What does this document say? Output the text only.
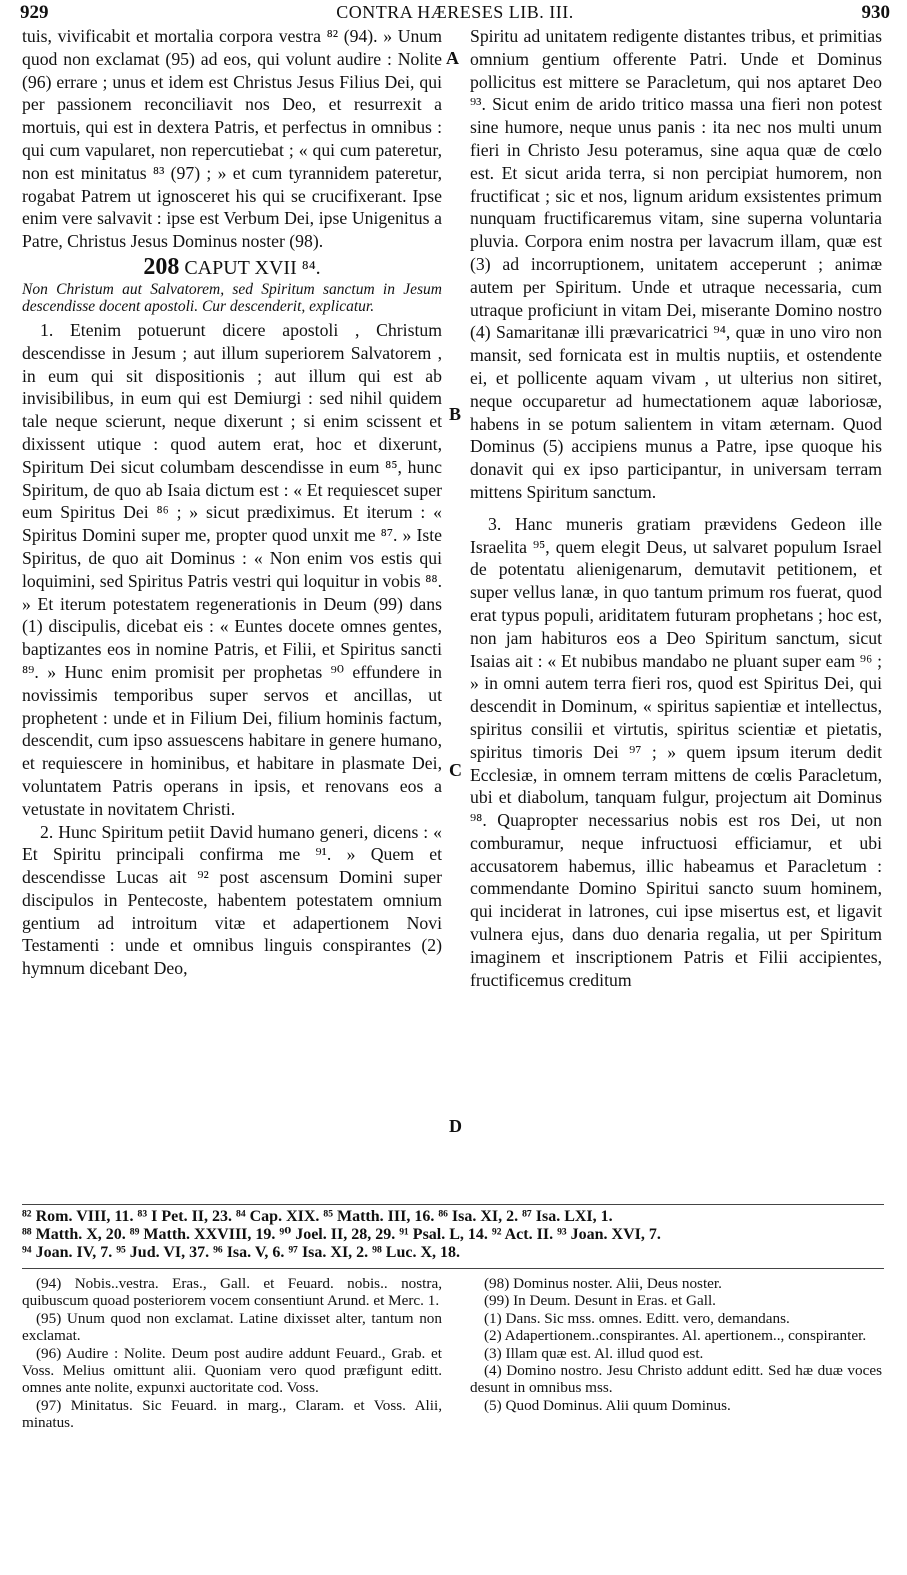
929	CONTRA HÆRESES LIB. III.	930
A
B
C
D

tuis, vivificabit et mortalia corpora vestra ⁸² (94). » Unum quod non exclamat (95) ad eos, qui volunt audire : Nolite (96) errare ; unus et idem est Christus Jesus Filius Dei, qui per passionem reconciliavit nos Deo, et resurrexit a mortuis, qui est in dextera Patris, et perfectus in omnibus : qui cum vapularet, non repercutiebat ; « qui cum pateretur, non est minitatus ⁸³ (97) ; » et cum tyrannidem pateretur, rogabat Patrem ut ignosceret his qui se crucifixerant. Ipse enim vere salvavit : ipse est Verbum Dei, ipse Unigenitus a Patre, Christus Jesus Dominus noster (98).

208 CAPUT XVII ⁸⁴.

Non Christum aut Salvatorem, sed Spiritum sanctum in Jesum descendisse docent apostoli. Cur descenderit, explicatur.

1. Etenim potuerunt dicere apostoli , Christum descendisse in Jesum ; aut illum superiorem Salvatorem , in eum qui sit dispositionis ; aut illum qui est ab invisibilibus, in eum qui est Demiurgi : sed nihil quidem tale neque scierunt, neque dixerunt ; si enim scissent et dixissent utique : quod autem erat, hoc et dixerunt, Spiritum Dei sicut columbam descendisse in eum ⁸⁵, hunc Spiritum, de quo ab Isaia dictum est : « Et requiescet super eum Spiritus Dei ⁸⁶ ; » sicut prædiximus. Et iterum : « Spiritus Domini super me, propter quod unxit me ⁸⁷. » Iste Spiritus, de quo ait Dominus : « Non enim vos estis qui loquimini, sed Spiritus Patris vestri qui loquitur in vobis ⁸⁸. » Et iterum potestatem regenerationis in Deum (99) dans (1) discipulis, dicebat eis : « Euntes docete omnes gentes, baptizantes eos in nomine Patris, et Filii, et Spiritus sancti ⁸⁹. » Hunc enim promisit per prophetas ⁹⁰ effundere in novissimis temporibus super servos et ancillas, ut prophetent : unde et in Filium Dei, filium hominis factum, descendit, cum ipso assuescens habitare in genere humano, et requiescere in hominibus, et habitare in plasmate Dei, voluntatem Patris operans in ipsis, et renovans eos a vetustate in novitatem Christi.

2. Hunc Spiritum petiit David humano generi, dicens : « Et Spiritu principali confirma me ⁹¹. » Quem et descendisse Lucas ait ⁹² post ascensum Domini super discipulos in Pentecoste, habentem potestatem omnium gentium ad introitum vitæ et adapertionem Novi Testamenti : unde et omnibus linguis conspirantes (2) hymnum dicebant Deo,

Spiritu ad unitatem redigente distantes tribus, et primitias omnium gentium offerente Patri. Unde et Dominus pollicitus est mittere se Paracletum, qui nos aptaret Deo ⁹³. Sicut enim de arido tritico massa una fieri non potest sine humore, neque unus panis : ita nec nos multi unum fieri in Christo Jesu poteramus, sine aqua quæ de cœlo est. Et sicut arida terra, si non percipiat humorem, non fructificat ; sic et nos, lignum aridum exsistentes primum nunquam fructificaremus vitam, sine superna voluntaria pluvia. Corpora enim nostra per lavacrum illam, quæ est (3) ad incorruptionem, unitatem acceperunt ; animæ autem per Spiritum. Unde et utraque necessaria, cum utraque proficiunt in vitam Dei, miserante Domino nostro (4) Samaritanæ illi prævaricatrici ⁹⁴, quæ in uno viro non mansit, sed fornicata est in multis nuptiis, et ostendente ei, et pollicente aquam vivam , ut ulterius non sitiret, neque occuparetur ad humectationem aquæ laboriosæ, habens in se potum salientem in vitam æternam. Quod Dominus (5) accipiens munus a Patre, ipse quoque his donavit qui ex ipso participantur, in universam terram mittens Spiritum sanctum.

3. Hanc muneris gratiam prævidens Gedeon ille Israelita ⁹⁵, quem elegit Deus, ut salvaret populum Israel de potentatu alienigenarum, demutavit petitionem, et super vellus lanæ, in quo tantum primum ros fuerat, quod erat typus populi, ariditatem futuram prophetans ; hoc est, non jam habituros eos a Deo Spiritum sanctum, sicut Isaias ait : « Et nubibus mandabo ne pluant super eam ⁹⁶ ; » in omni autem terra fieri ros, quod est Spiritus Dei, qui descendit in Dominum, « spiritus sapientiæ et intellectus, spiritus consilii et virtutis, spiritus scientiæ et pietatis, spiritus timoris Dei ⁹⁷ ; » quem ipsum iterum dedit Ecclesiæ, in omnem terram mittens de cœlis Paracletum, ubi et diabolum, tanquam fulgur, projectum ait Dominus ⁹⁸. Quapropter necessarius nobis est ros Dei, ut non comburamur, neque infructuosi efficiamur, et ubi accusatorem habemus, illic habeamus et Paracletum : commendante Domino Spiritui sancto suum hominem, qui inciderat in latrones, cui ipse misertus est, et ligavit vulnera ejus, dans duo denaria regalia, ut per Spiritum imaginem et inscriptionem Patris et Filii accipientes, fructificemus creditum

⁸² Rom. VIII, 11. ⁸³ I Pet. II, 23. ⁸⁴ Cap. XIX. ⁸⁵ Matth. III, 16. ⁸⁶ Isa. XI, 2. ⁸⁷ Isa. LXI, 1.
⁸⁸ Matth. X, 20. ⁸⁹ Matth. XXVIII, 19. ⁹⁰ Joel. II, 28, 29. ⁹¹ Psal. L, 14. ⁹² Act. II. ⁹³ Joan. XVI, 7.
⁹⁴ Joan. IV, 7. ⁹⁵ Jud. VI, 37. ⁹⁶ Isa. V, 6. ⁹⁷ Isa. XI, 2. ⁹⁸ Luc. X, 18.

(94) Nobis..vestra. Eras., Gall. et Feuard. nobis.. nostra, quibuscum quoad posteriorem vocem consentiunt Arund. et Merc. 1.

(95) Unum quod non exclamat. Latine dixisset alter, tantum non exclamat.

(96) Audire : Nolite. Deum post audire addunt Feuard., Grab. et Voss. Melius omittunt alii. Quoniam vero quod præfigunt editt. omnes ante nolite, expunxi auctoritate cod. Voss.

(97) Minitatus. Sic Feuard. in marg., Claram. et Voss. Alii, minatus.

(98) Dominus noster. Alii, Deus noster.

(99) In Deum. Desunt in Eras. et Gall.

(1) Dans. Sic mss. omnes. Editt. vero, demandans.

(2) Adapertionem..conspirantes. Al. apertionem.., conspiranter.

(3) Illam quæ est. Al. illud quod est.

(4) Domino nostro. Jesu Christo addunt editt. Sed hæ duæ voces desunt in omnibus mss.

(5) Quod Dominus. Alii quum Dominus.
